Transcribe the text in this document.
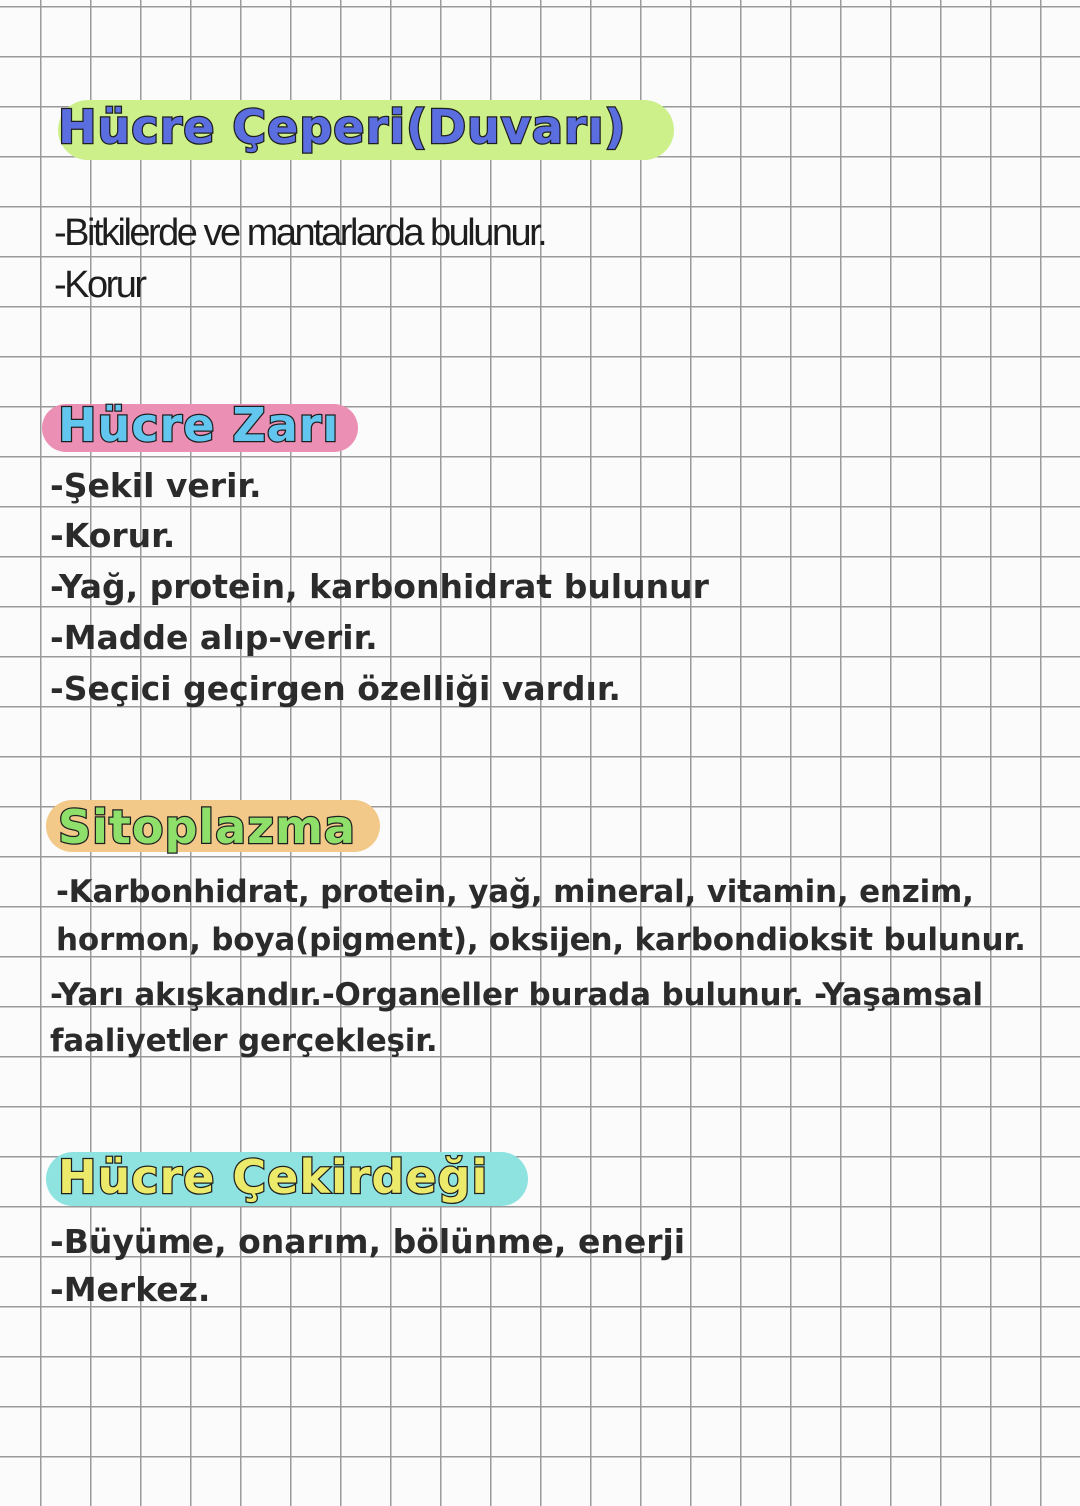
Hücre Çeperi(Duvarı)
-Bitkilerde ve mantarlarda bulunur.
-Korur
Hücre Zarı
-Şekil verir.
-Korur.
-Yağ, protein, karbonhidrat bulunur
-Madde alıp-verir.
-Seçici geçirgen özelliği vardır.
Sitoplazma
-Karbonhidrat, protein, yağ, mineral, vitamin, enzim,
hormon, boya(pigment), oksijen, karbondioksit bulunur.
-Yarı akışkandır.-Organeller burada bulunur. -Yaşamsal
faaliyetler gerçekleşir.
Hücre Çekirdeği
-Büyüme, onarım, bölünme, enerji
-Merkez.
